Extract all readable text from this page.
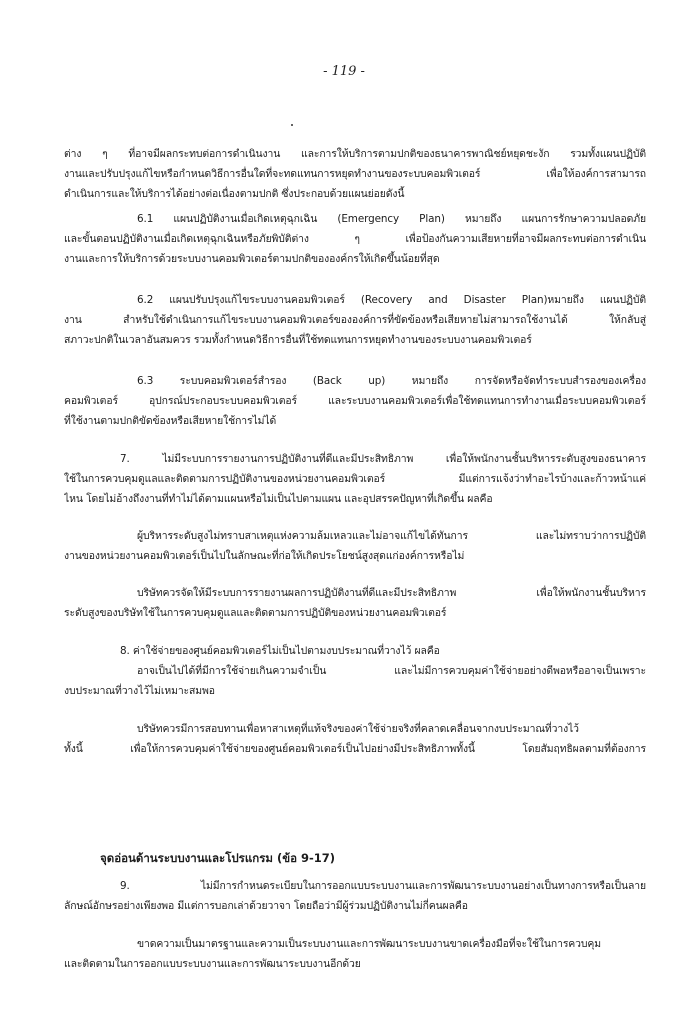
- 119 -

ต่าง ๆ ที่อาจมีผลกระทบต่อการดำเนินงาน และการให้บริการตามปกติของธนาคารพาณิชย์หยุดชะงัก รวมทั้งแผนปฏิบัติ
งานและปรับปรุงแก้ไขหรือกำหนดวิธีการอื่นใดที่จะทดแทนการหยุดทำงานของระบบคอมพิวเตอร์ เพื่อให้องค์การสามารถ
ดำเนินการและให้บริการได้อย่างต่อเนื่องตามปกติ ซึ่งประกอบด้วยแผนย่อยดังนี้

6.1 แผนปฏิบัติงานเมื่อเกิดเหตุฉุกเฉิน (Emergency Plan) หมายถึง แผนการรักษาความปลอดภัย
และขั้นตอนปฏิบัติงานเมื่อเกิดเหตุฉุกเฉินหรือภัยพิบัติต่าง ๆ เพื่อป้องกันความเสียหายที่อาจมีผลกระทบต่อการดำเนิน
งานและการให้บริการด้วยระบบงานคอมพิวเตอร์ตามปกติขององค์กรให้เกิดขึ้นน้อยที่สุด

6.2 แผนปรับปรุงแก้ไขระบบงานคอมพิวเตอร์ (Recovery and Disaster Plan)หมายถึง แผนปฏิบัติ
งาน สำหรับใช้ดำเนินการแก้ไขระบบงานคอมพิวเตอร์ขององค์การที่ขัดข้องหรือเสียหายไม่สามารถใช้งานได้ ให้กลับสู่
สภาวะปกติในเวลาอันสมควร รวมทั้งกำหนดวิธีการอื่นที่ใช้ทดแทนการหยุดทำงานของระบบงานคอมพิวเตอร์

6.3 ระบบคอมพิวเตอร์สำรอง (Back up) หมายถึง การจัดหรือจัดทำระบบสำรองของเครื่อง
คอมพิวเตอร์ อุปกรณ์ประกอบระบบคอมพิวเตอร์ และระบบงานคอมพิวเตอร์เพื่อใช้ทดแทนการทำงานเมื่อระบบคอมพิวเตอร์
ที่ใช้งานตามปกติขัดข้องหรือเสียหายใช้การไม่ได้

7. ไม่มีระบบการรายงานการปฏิบัติงานที่ดีและมีประสิทธิภาพ เพื่อให้พนักงานชั้นบริหารระดับสูงของธนาคาร
ใช้ในการควบคุมดูแลและติดตามการปฏิบัติงานของหน่วยงานคอมพิวเตอร์ มีแต่การแจ้งว่าทำอะไรบ้างและก้าวหน้าแค่
ไหน โดยไม่อ้างถึงงานที่ทำไม่ได้ตามแผนหรือไม่เป็นไปตามแผน และอุปสรรคปัญหาที่เกิดขึ้น ผลคือ

ผู้บริหารระดับสูงไม่ทราบสาเหตุแห่งความล้มเหลวและไม่อาจแก้ไขได้ทันการ และไม่ทราบว่าการปฏิบัติ
งานของหน่วยงานคอมพิวเตอร์เป็นไปในลักษณะที่ก่อให้เกิดประโยชน์สูงสุดแก่องค์การหรือไม่

บริษัทควรจัดให้มีระบบการรายงานผลการปฏิบัติงานที่ดีและมีประสิทธิภาพ เพื่อให้พนักงานชั้นบริหาร
ระดับสูงของบริษัทใช้ในการควบคุมดูแลและติดตามการปฏิบัติของหน่วยงานคอมพิวเตอร์

8. ค่าใช้จ่ายของศูนย์คอมพิวเตอร์ไม่เป็นไปตามงบประมาณที่วางไว้ ผลคือ
อาจเป็นไปได้ที่มีการใช้จ่ายเกินความจำเป็น และไม่มีการควบคุมค่าใช้จ่ายอย่างดีพอหรืออาจเป็นเพราะ
งบประมาณที่วางไว้ไม่เหมาะสมพอ

บริษัทควรมีการสอบทานเพื่อหาสาเหตุที่แท้จริงของค่าใช้จ่ายจริงที่คลาดเคลื่อนจากงบประมาณที่วางไว้
ทั้งนี้ เพื่อให้การควบคุมค่าใช้จ่ายของศูนย์คอมพิวเตอร์เป็นไปอย่างมีประสิทธิภาพทั้งนี้ โดยสัมฤทธิผลตามที่ต้องการ

จุดอ่อนด้านระบบงานและโปรแกรม (ข้อ 9-17)

9. ไม่มีการกำหนดระเบียบในการออกแบบระบบงานและการพัฒนาระบบงานอย่างเป็นทางการหรือเป็นลาย
ลักษณ์อักษรอย่างเพียงพอ มีแต่การบอกเล่าด้วยวาจา โดยถือว่ามีผู้ร่วมปฏิบัติงานไม่กี่คนผลคือ

ขาดความเป็นมาตรฐานและความเป็นระบบงานและการพัฒนาระบบงานขาดเครื่องมือที่จะใช้ในการควบคุม
และติดตามในการออกแบบระบบงานและการพัฒนาระบบงานอีกด้วย
